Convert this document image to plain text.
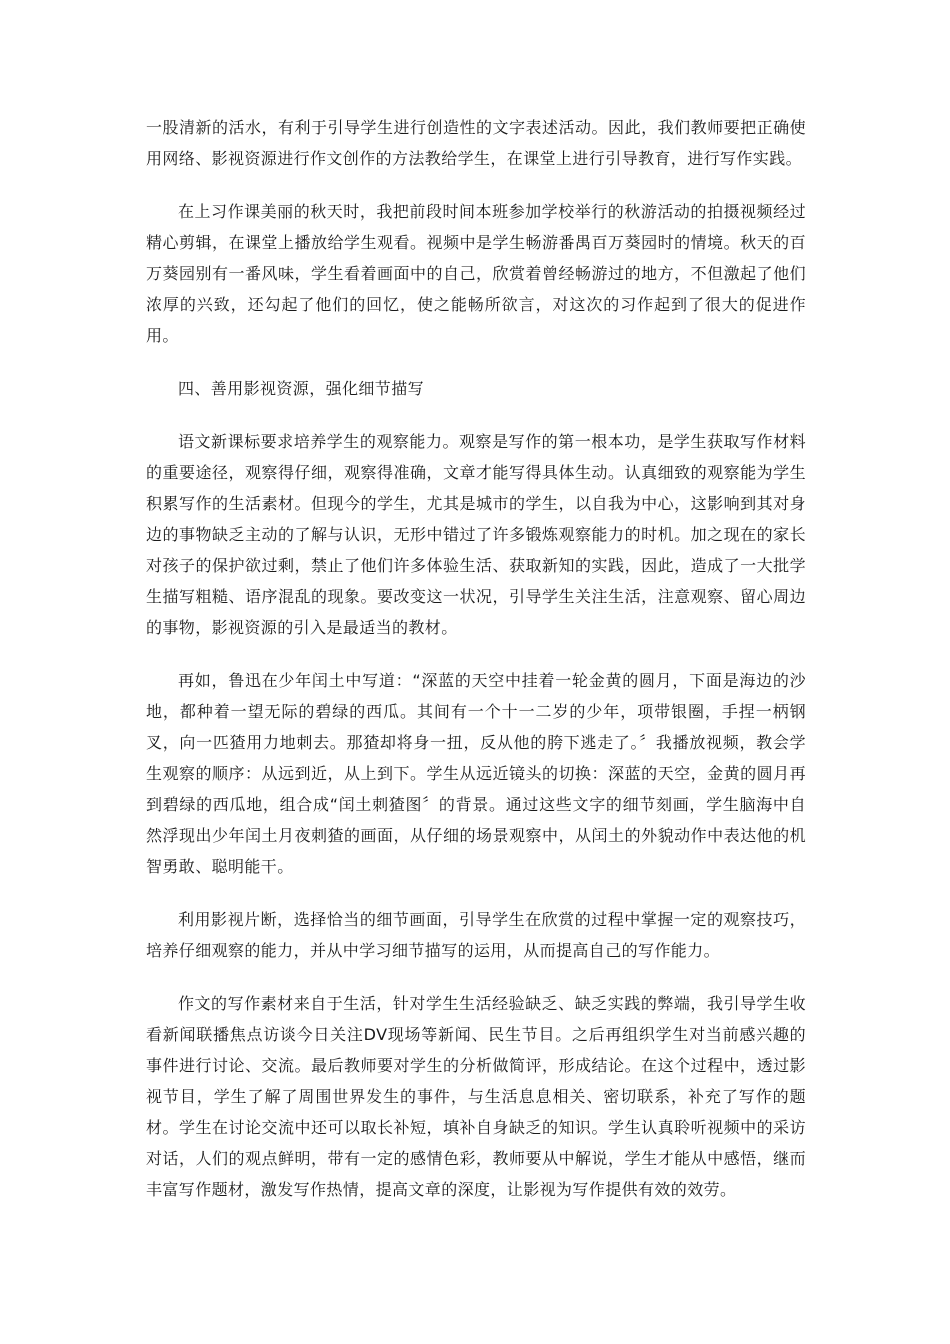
一股清新的活水，有利于引导学生进行创造性的文字表述活动。因此，我们教师要把正确使用网络、影视资源进行作文创作的方法教给学生，在课堂上进行引导教育，进行写作实践。

在上习作课美丽的秋天时，我把前段时间本班参加学校举行的秋游活动的拍摄视频经过精心剪辑，在课堂上播放给学生观看。视频中是学生畅游番禺百万葵园时的情境。秋天的百万葵园别有一番风味，学生看着画面中的自己，欣赏着曾经畅游过的地方，不但激起了他们浓厚的兴致，还勾起了他们的回忆，使之能畅所欲言，对这次的习作起到了很大的促进作用。

四、善用影视资源，强化细节描写

语文新课标要求培养学生的观察能力。观察是写作的第一根本功，是学生获取写作材料的重要途径，观察得仔细，观察得准确，文章才能写得具体生动。认真细致的观察能为学生积累写作的生活素材。但现今的学生，尤其是城市的学生，以自我为中心，这影响到其对身边的事物缺乏主动的了解与认识，无形中错过了许多锻炼观察能力的时机。加之现在的家长对孩子的保护欲过剩，禁止了他们许多体验生活、获取新知的实践，因此，造成了一大批学生描写粗糙、语序混乱的现象。要改变这一状况，引导学生关注生活，注意观察、留心周边的事物，影视资源的引入是最适当的教材。

再如，鲁迅在少年闰土中写道：“深蓝的天空中挂着一轮金黄的圆月，下面是海边的沙地，都种着一望无际的碧绿的西瓜。其间有一个十一二岁的少年，项带银圈，手捏一柄钢叉，向一匹猹用力地刺去。那猹却将身一扭，反从他的胯下逃走了。〞我播放视频，教会学生观察的顺序：从远到近，从上到下。学生从远近镜头的切换：深蓝的天空，金黄的圆月再到碧绿的西瓜地，组合成“闰土刺猹图〞的背景。通过这些文字的细节刻画，学生脑海中自然浮现出少年闰土月夜刺猹的画面，从仔细的场景观察中，从闰土的外貌动作中表达他的机智勇敢、聪明能干。

利用影视片断，选择恰当的细节画面，引导学生在欣赏的过程中掌握一定的观察技巧，培养仔细观察的能力，并从中学习细节描写的运用，从而提高自己的写作能力。

作文的写作素材来自于生活，针对学生生活经验缺乏、缺乏实践的弊端，我引导学生收看新闻联播焦点访谈今日关注DV现场等新闻、民生节目。之后再组织学生对当前感兴趣的事件进行讨论、交流。最后教师要对学生的分析做简评，形成结论。在这个过程中，透过影视节目，学生了解了周围世界发生的事件，与生活息息相关、密切联系，补充了写作的题材。学生在讨论交流中还可以取长补短，填补自身缺乏的知识。学生认真聆听视频中的采访对话，人们的观点鲜明，带有一定的感情色彩，教师要从中解说，学生才能从中感悟，继而丰富写作题材，激发写作热情，提高文章的深度，让影视为写作提供有效的效劳。
